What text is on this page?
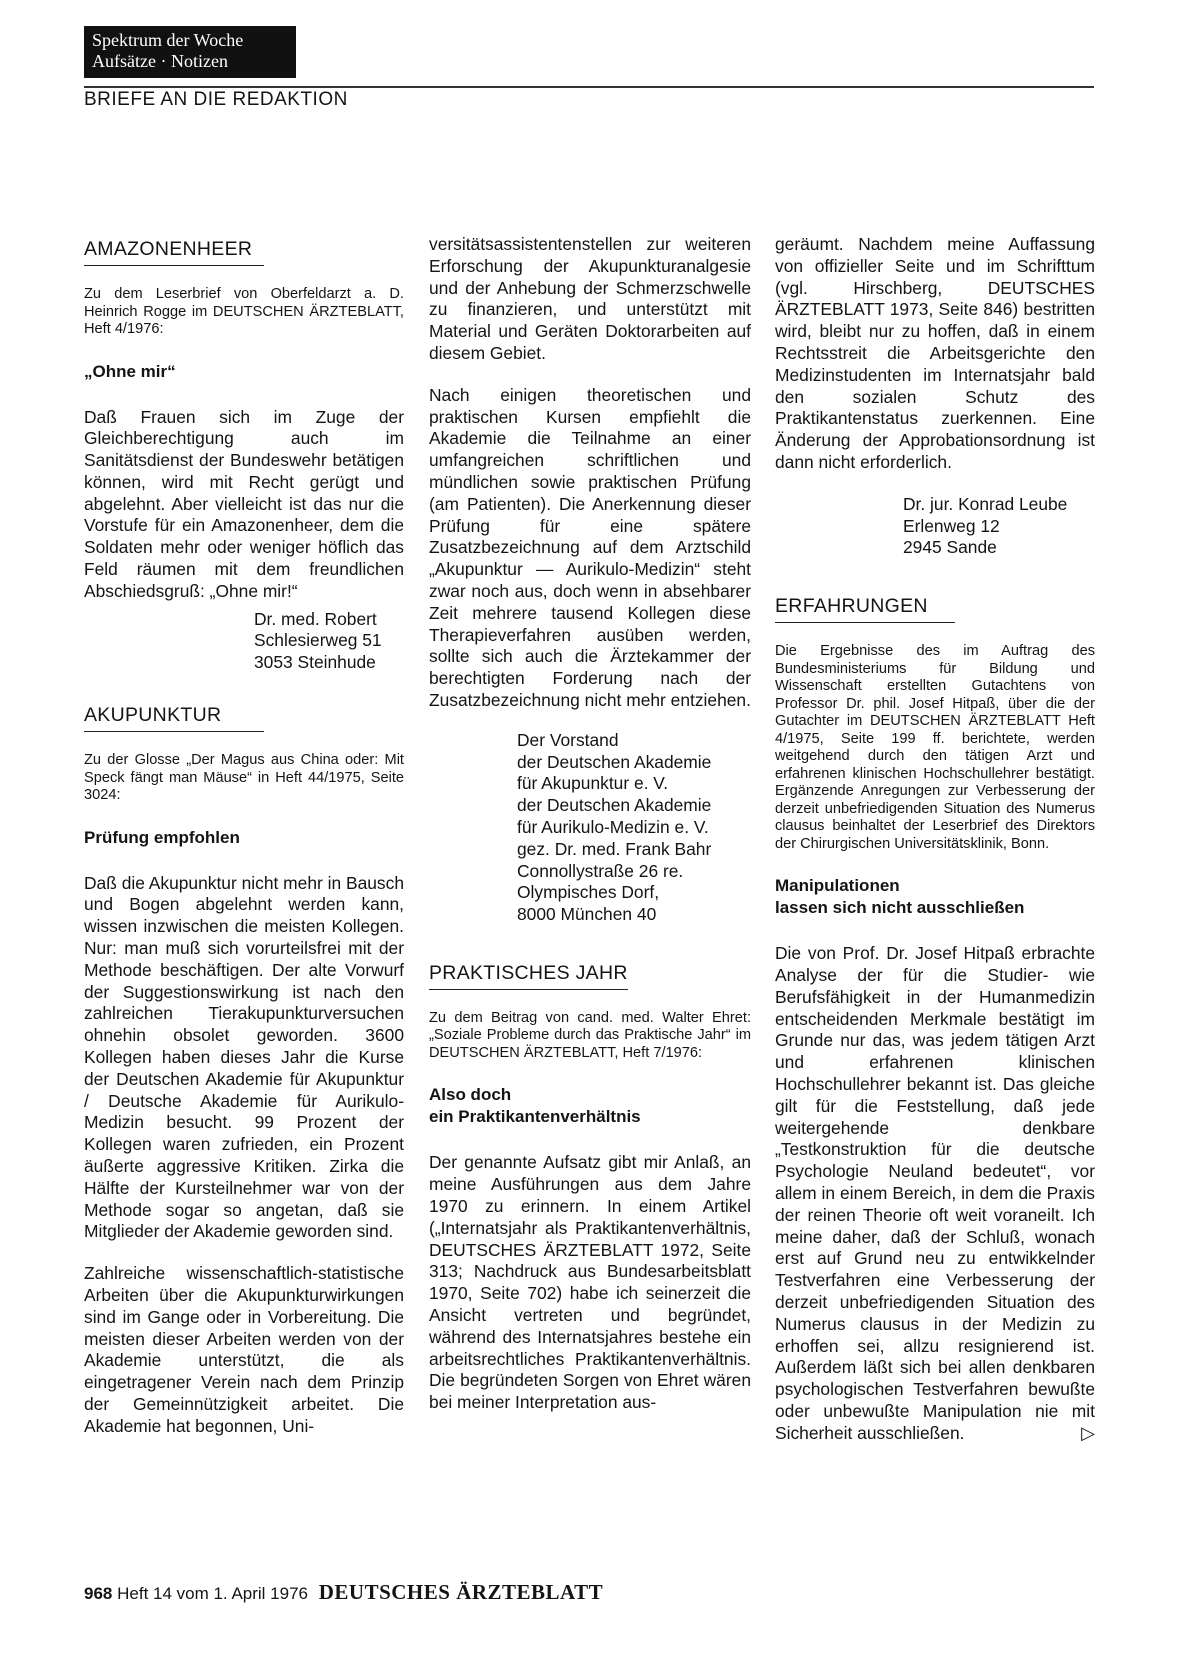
Spektrum der Woche
Aufsätze · Notizen
BRIEFE AN DIE REDAKTION
AMAZONENHEER
Zu dem Leserbrief von Oberfeldarzt a. D. Heinrich Rogge im DEUTSCHEN ÄRZTEBLATT, Heft 4/1976:
„Ohne mir“

Daß Frauen sich im Zuge der Gleichberechtigung auch im Sanitätsdienst der Bundeswehr betätigen können, wird mit Recht gerügt und abgelehnt. Aber vielleicht ist das nur die Vorstufe für ein Amazonenheer, dem die Soldaten mehr oder weniger höflich das Feld räumen mit dem freundlichen Abschiedsgruß: „Ohne mir!“

Dr. med. Robert
Schlesierweg 51
3053 Steinhude
AKUPUNKTUR
Zu der Glosse „Der Magus aus China oder: Mit Speck fängt man Mäuse“ in Heft 44/1975, Seite 3024:
Prüfung empfohlen

Daß die Akupunktur nicht mehr in Bausch und Bogen abgelehnt werden kann, wissen inzwischen die meisten Kollegen. Nur: man muß sich vorurteilsfrei mit der Methode beschäftigen. Der alte Vorwurf der Suggestionswirkung ist nach den zahlreichen Tierakupunkturversuchen ohnehin obsolet geworden. 3600 Kollegen haben dieses Jahr die Kurse der Deutschen Akademie für Akupunktur / Deutsche Akademie für Aurikulo-Medizin besucht. 99 Prozent der Kollegen waren zufrieden, ein Prozent äußerte aggressive Kritiken. Zirka die Hälfte der Kursteilnehmer war von der Methode sogar so angetan, daß sie Mitglieder der Akademie geworden sind.

Zahlreiche wissenschaftlich-statistische Arbeiten über die Akupunkturwirkungen sind im Gange oder in Vorbereitung. Die meisten dieser Arbeiten werden von der Akademie unterstützt, die als eingetragener Verein nach dem Prinzip der Gemeinnützigkeit arbeitet. Die Akademie hat begonnen, Uni-

versitätsassistentenstellen zur weiteren Erforschung der Akupunkturanalgesie und der Anhebung der Schmerzschwelle zu finanzieren, und unterstützt mit Material und Geräten Doktorarbeiten auf diesem Gebiet.

Nach einigen theoretischen und praktischen Kursen empfiehlt die Akademie die Teilnahme an einer umfangreichen schriftlichen und mündlichen sowie praktischen Prüfung (am Patienten). Die Anerkennung dieser Prüfung für eine spätere Zusatzbezeichnung auf dem Arztschild „Akupunktur — Aurikulo-Medizin“ steht zwar noch aus, doch wenn in absehbarer Zeit mehrere tausend Kollegen diese Therapieverfahren ausüben werden, sollte sich auch die Ärztekammer der berechtigten Forderung nach der Zusatzbezeichnung nicht mehr entziehen.

Der Vorstand
der Deutschen Akademie
für Akupunktur e. V.
der Deutschen Akademie
für Aurikulo-Medizin e. V.
gez. Dr. med. Frank Bahr
Connollystraße 26 re.
Olympisches Dorf,
8000 München 40
PRAKTISCHES JAHR
Zu dem Beitrag von cand. med. Walter Ehret: „Soziale Probleme durch das Praktische Jahr“ im DEUTSCHEN ÄRZTEBLATT, Heft 7/1976:
Also doch
ein Praktikantenverhältnis

Der genannte Aufsatz gibt mir Anlaß, an meine Ausführungen aus dem Jahre 1970 zu erinnern. In einem Artikel („Internatsjahr als Praktikantenverhältnis, DEUTSCHES ÄRZTEBLATT 1972, Seite 313; Nachdruck aus Bundesarbeitsblatt 1970, Seite 702) habe ich seinerzeit die Ansicht vertreten und begründet, während des Internatsjahres bestehe ein arbeitsrechtliches Praktikantenverhältnis. Die begründeten Sorgen von Ehret wären bei meiner Interpretation aus-

geräumt. Nachdem meine Auffassung von offizieller Seite und im Schrifttum (vgl. Hirschberg, DEUTSCHES ÄRZTEBLATT 1973, Seite 846) bestritten wird, bleibt nur zu hoffen, daß in einem Rechtsstreit die Arbeitsgerichte den Medizinstudenten im Internatsjahr bald den sozialen Schutz des Praktikantenstatus zuerkennen. Eine Änderung der Approbationsordnung ist dann nicht erforderlich.

Dr. jur. Konrad Leube
Erlenweg 12
2945 Sande
ERFAHRUNGEN
Die Ergebnisse des im Auftrag des Bundesministeriums für Bildung und Wissenschaft erstellten Gutachtens von Professor Dr. phil. Josef Hitpaß, über die der Gutachter im DEUTSCHEN ÄRZTEBLATT Heft 4/1975, Seite 199 ff. berichtete, werden weitgehend durch den tätigen Arzt und erfahrenen klinischen Hochschullehrer bestätigt. Ergänzende Anregungen zur Verbesserung der derzeit unbefriedigenden Situation des Numerus clausus beinhaltet der Leserbrief des Direktors der Chirurgischen Universitätsklinik, Bonn.
Manipulationen
lassen sich nicht ausschließen

Die von Prof. Dr. Josef Hitpaß erbrachte Analyse der für die Studier- wie Berufsfähigkeit in der Humanmedizin entscheidenden Merkmale bestätigt im Grunde nur das, was jedem tätigen Arzt und erfahrenen klinischen Hochschullehrer bekannt ist. Das gleiche gilt für die Feststellung, daß jede weitergehende denkbare „Testkonstruktion für die deutsche Psychologie Neuland bedeutet“, vor allem in einem Bereich, in dem die Praxis der reinen Theorie oft weit voraneilt. Ich meine daher, daß der Schluß, wonach erst auf Grund neu zu entwikkelnder Testverfahren eine Verbesserung der derzeit unbefriedigenden Situation des Numerus clausus in der Medizin zu erhoffen sei, allzu resignierend ist. Außerdem läßt sich bei allen denkbaren psychologischen Testverfahren bewußte oder unbewußte Manipulation nie mit Sicherheit ausschließen.	▷

968 Heft 14 vom 1. April 1976 DEUTSCHES ÄRZTEBLATT
